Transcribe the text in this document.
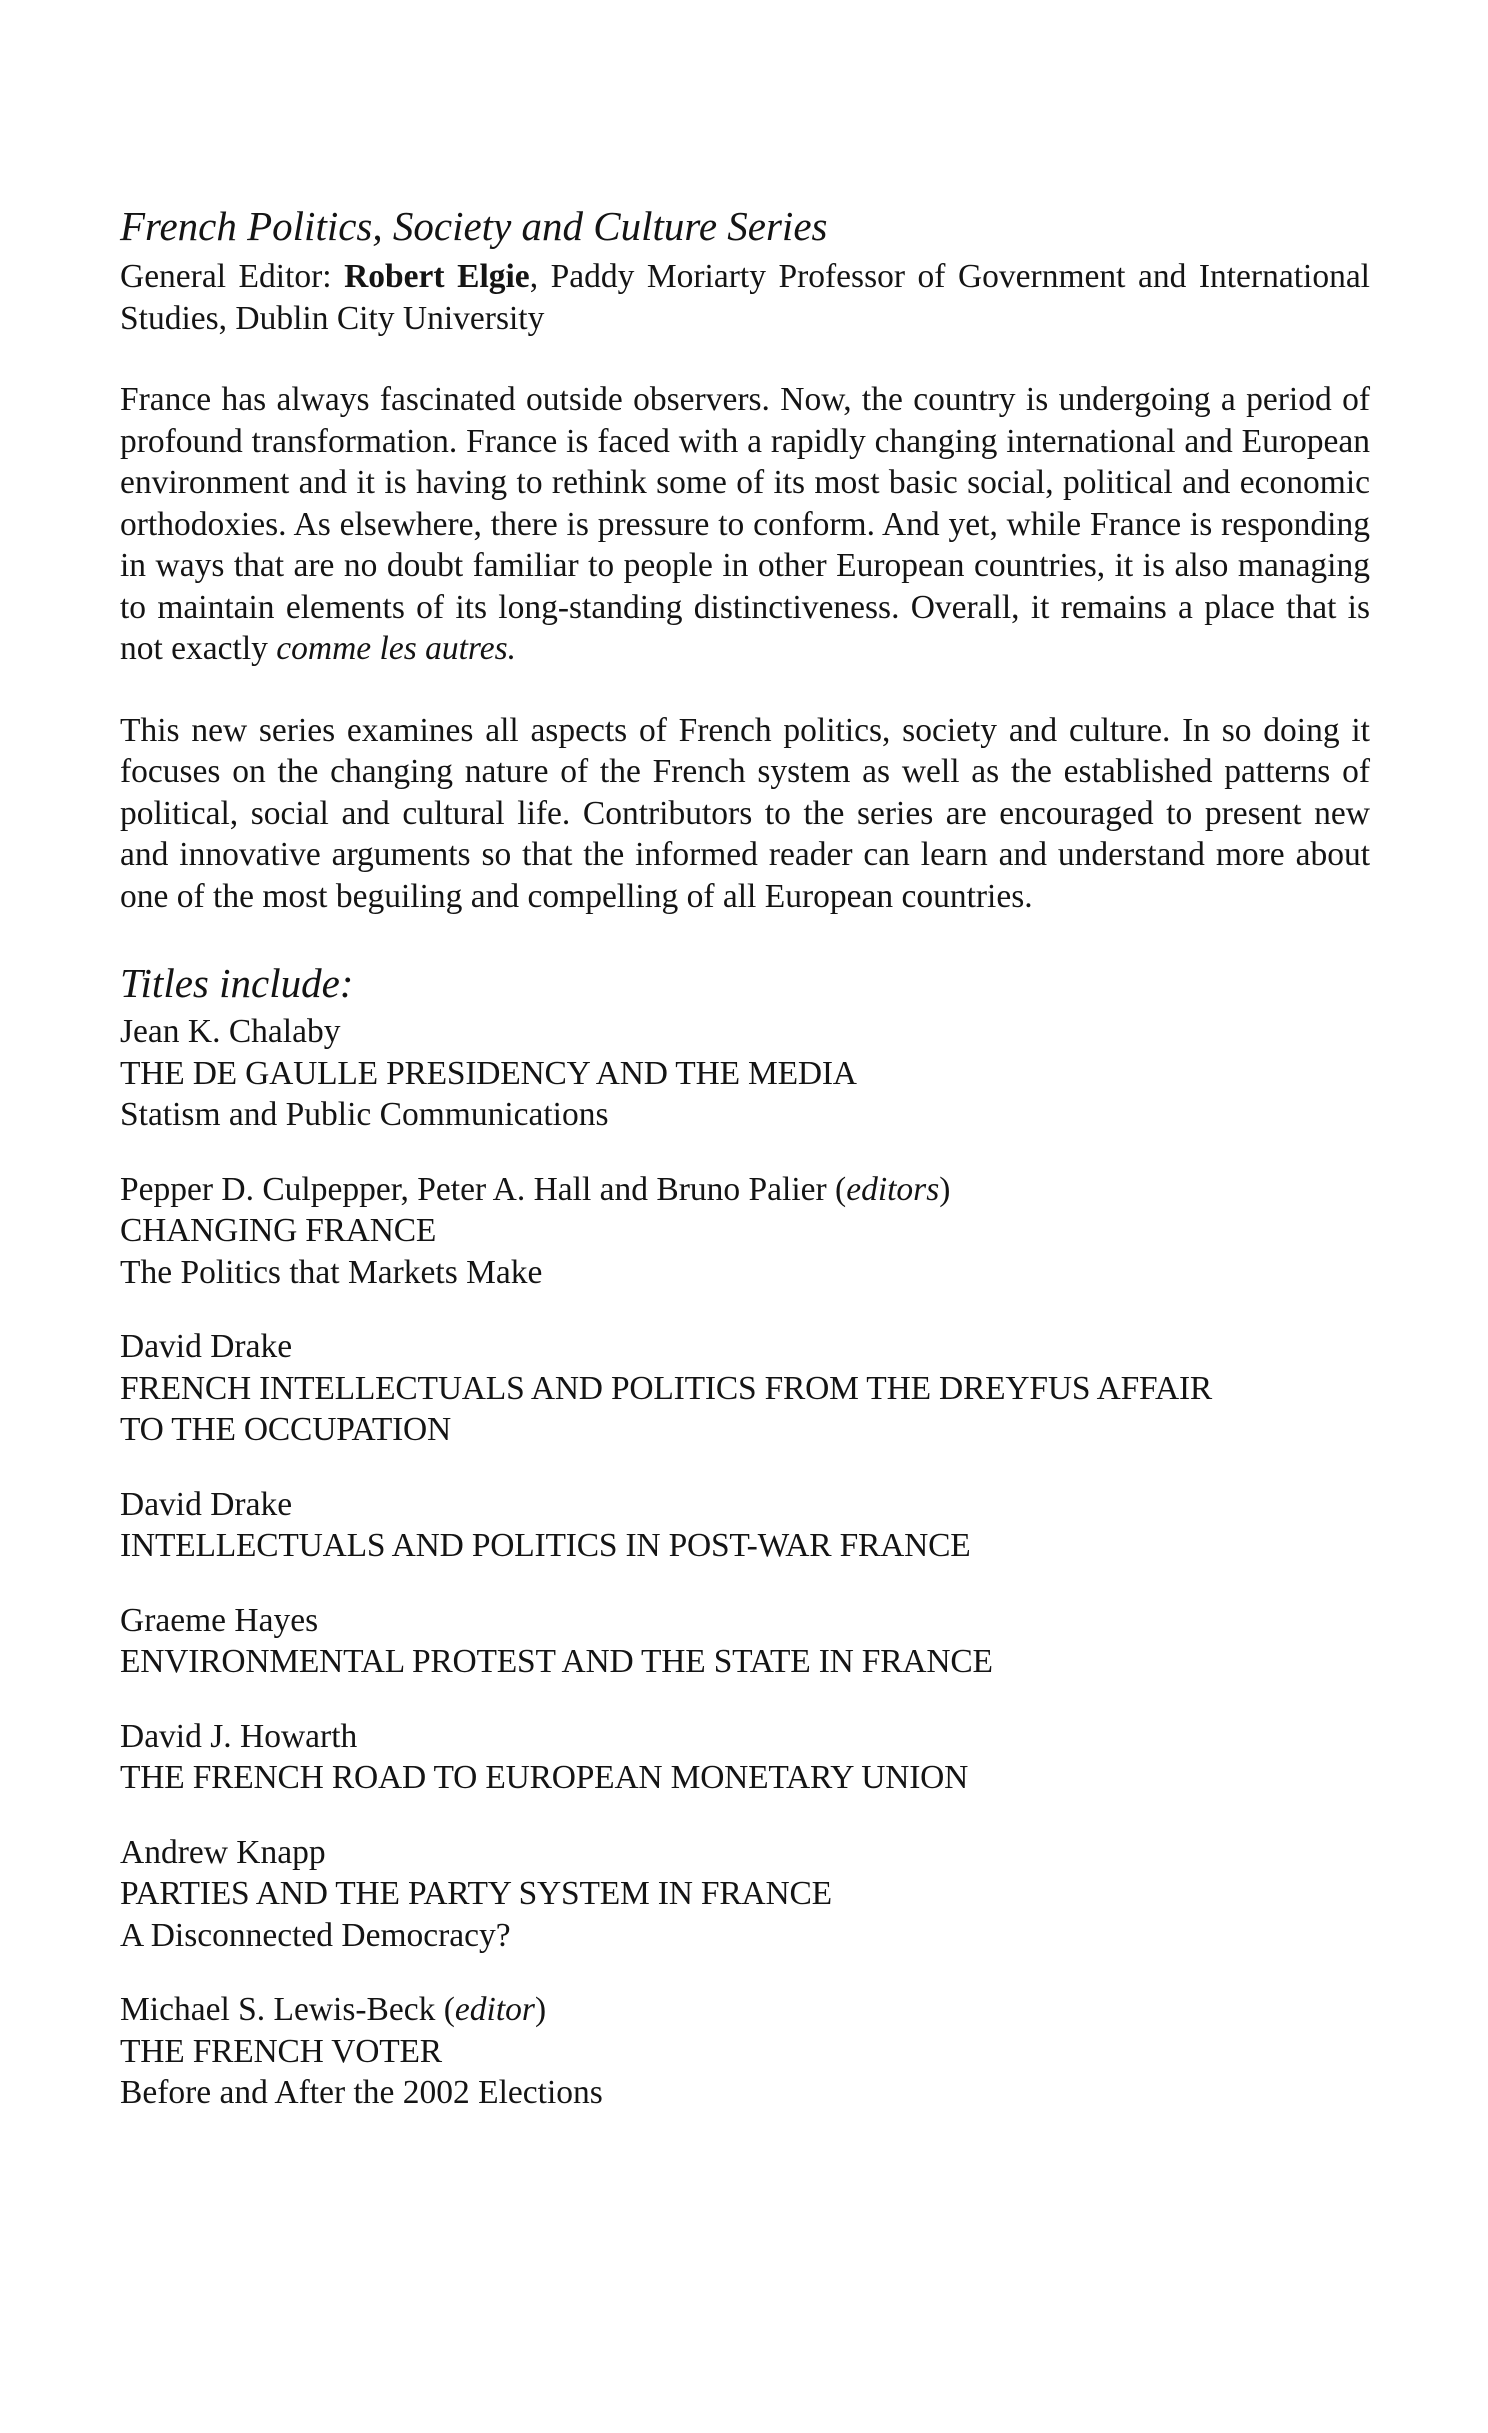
French Politics, Society and Culture Series

General Editor: Robert Elgie, Paddy Moriarty Professor of Government and International Studies, Dublin City University

France has always fascinated outside observers. Now, the country is undergoing a period of profound transformation. France is faced with a rapidly changing international and European environment and it is having to rethink some of its most basic social, political and economic orthodoxies. As elsewhere, there is pressure to conform. And yet, while France is responding in ways that are no doubt familiar to people in other European countries, it is also managing to maintain elements of its long-standing distinctiveness. Overall, it remains a place that is not exactly comme les autres.

This new series examines all aspects of French politics, society and culture. In so doing it focuses on the changing nature of the French system as well as the established patterns of political, social and cultural life. Contributors to the series are encouraged to present new and innovative arguments so that the informed reader can learn and understand more about one of the most beguiling and compelling of all European countries.

Titles include:
Jean K. Chalaby
THE DE GAULLE PRESIDENCY AND THE MEDIA
Statism and Public Communications
Pepper D. Culpepper, Peter A. Hall and Bruno Palier (editors)
CHANGING FRANCE
The Politics that Markets Make
David Drake
FRENCH INTELLECTUALS AND POLITICS FROM THE DREYFUS AFFAIR
TO THE OCCUPATION
David Drake
INTELLECTUALS AND POLITICS IN POST-WAR FRANCE
Graeme Hayes
ENVIRONMENTAL PROTEST AND THE STATE IN FRANCE
David J. Howarth
THE FRENCH ROAD TO EUROPEAN MONETARY UNION
Andrew Knapp
PARTIES AND THE PARTY SYSTEM IN FRANCE
A Disconnected Democracy?
Michael S. Lewis-Beck (editor)
THE FRENCH VOTER
Before and After the 2002 Elections
